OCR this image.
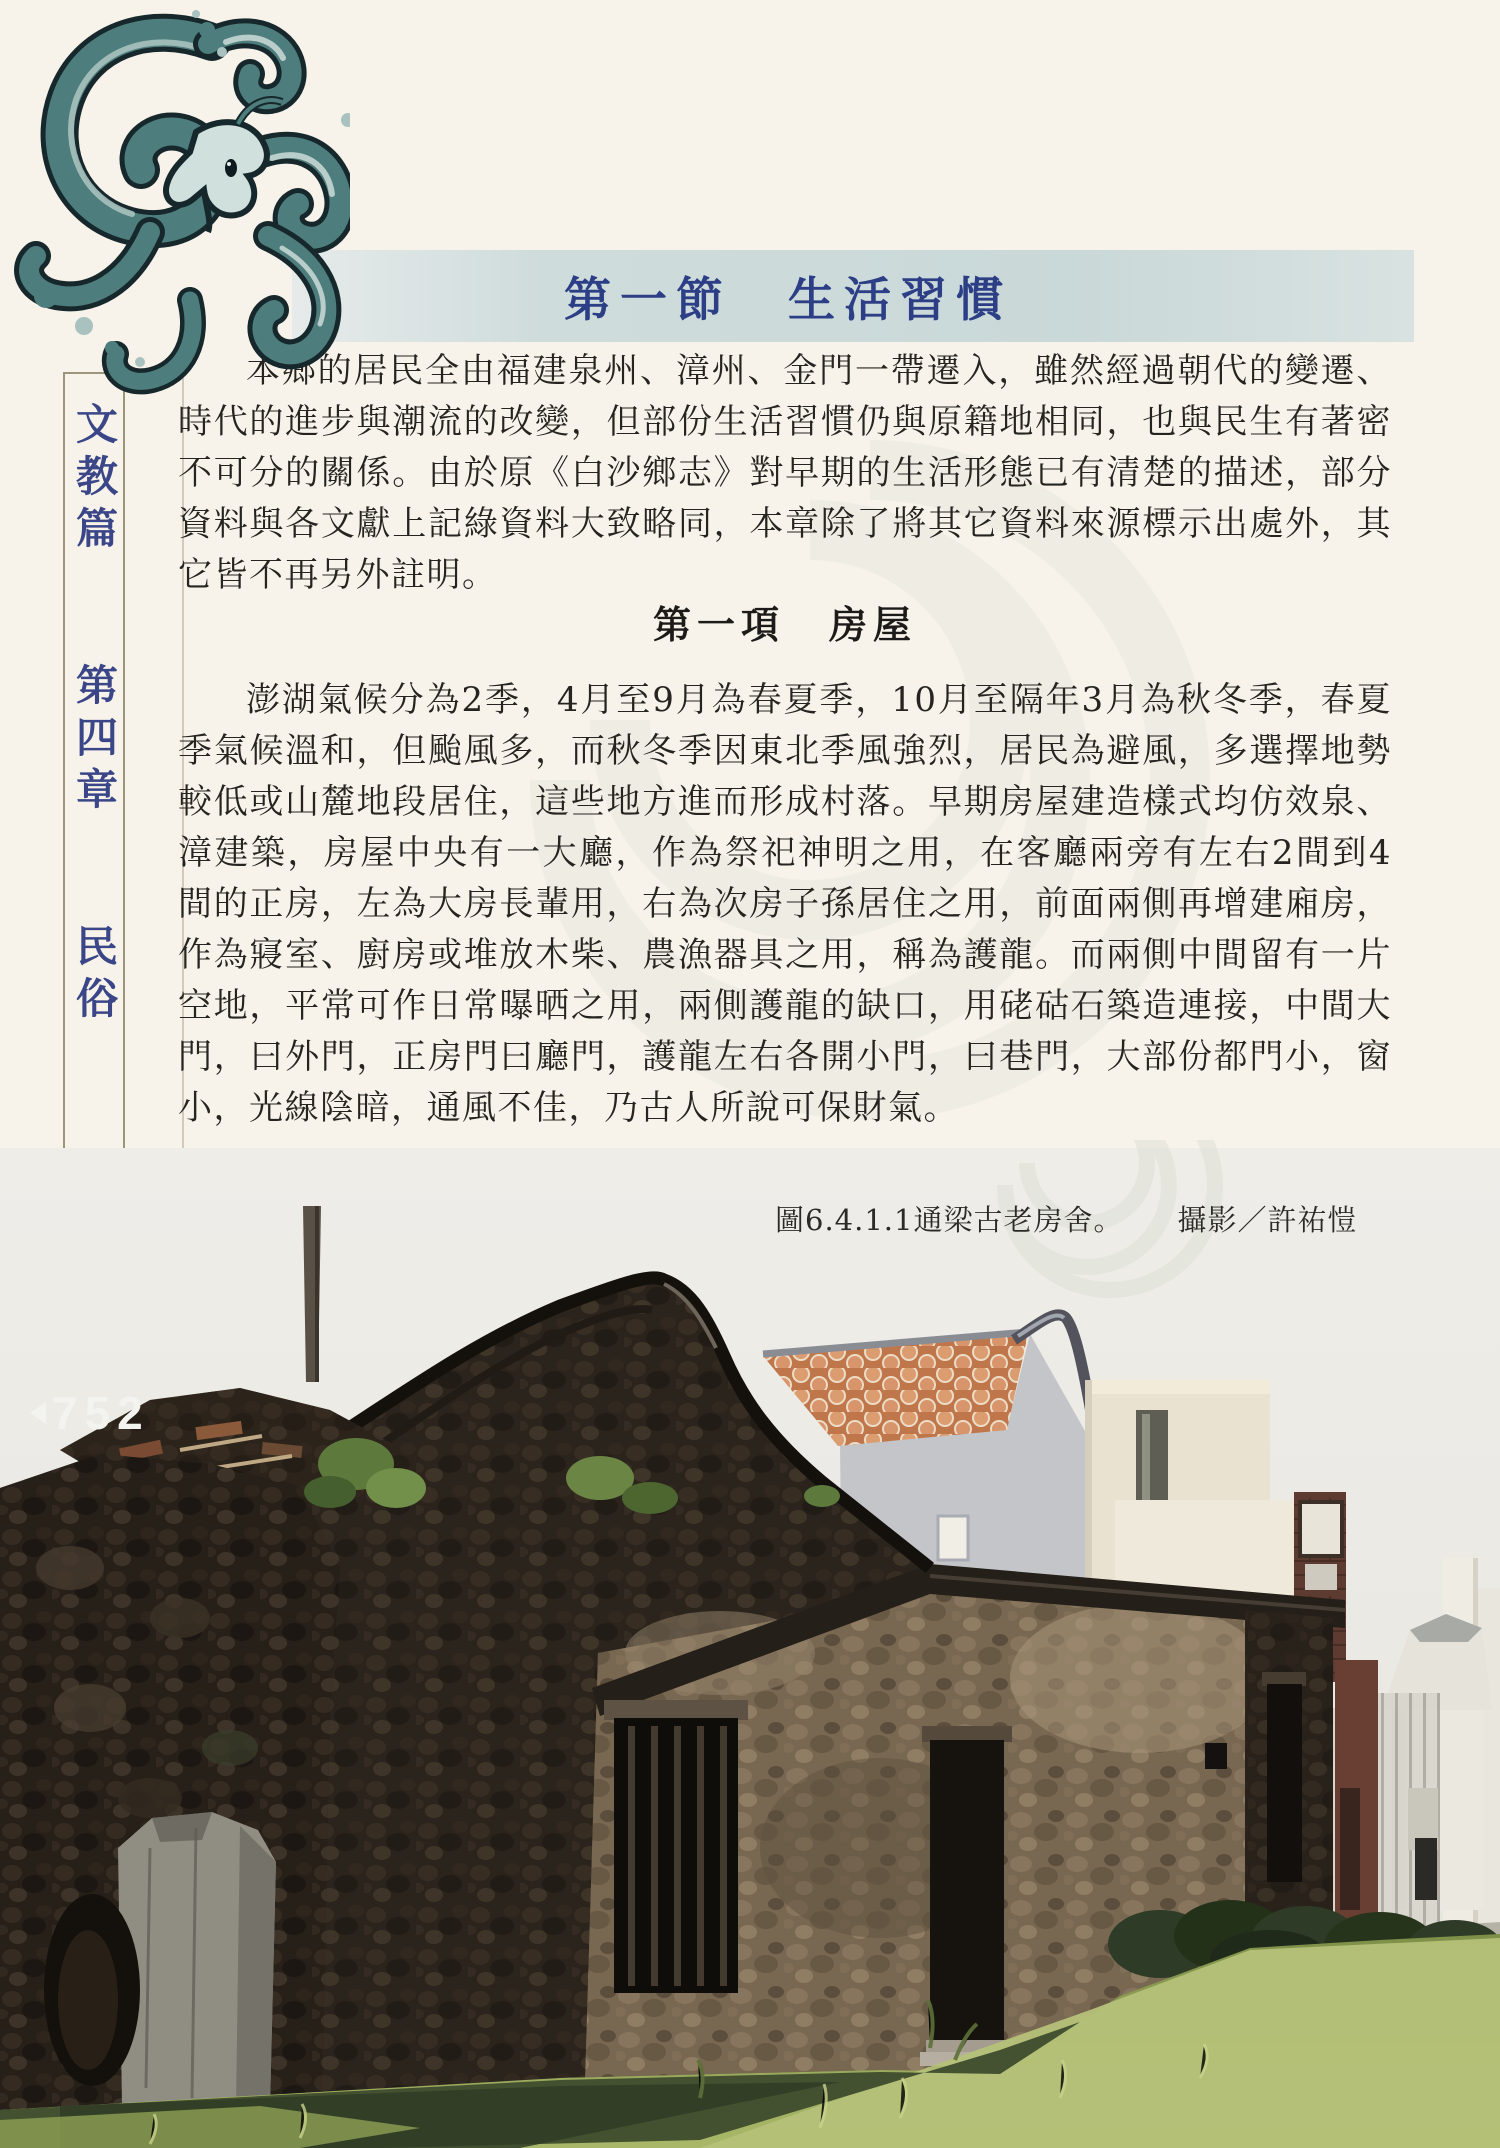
文教篇 第四章 民俗
第一節　生活習慣

本鄉的居民全由福建泉州、漳州、金門一帶遷入，雖然經過朝代的變遷、時代的進步與潮流的改變，但部份生活習慣仍與原籍地相同，也與民生有著密不可分的關係。由於原《白沙鄉志》對早期的生活形態已有清楚的描述，部分資料與各文獻上記綠資料大致略同，本章除了將其它資料來源標示出處外，其它皆不再另外註明。

第一項　房屋

澎湖氣候分為2季，4月至9月為春夏季，10月至隔年3月為秋冬季，春夏季氣候溫和，但颱風多，而秋冬季因東北季風強烈，居民為避風，多選擇地勢較低或山麓地段居住，這些地方進而形成村落。早期房屋建造樣式均仿效泉、漳建築，房屋中央有一大廳，作為祭祀神明之用，在客廳兩旁有左右2間到4間的正房，左為大房長輩用，右為次房子孫居住之用，前面兩側再增建廂房，作為寢室、廚房或堆放木柴、農漁器具之用，稱為護龍。而兩側中間留有一片空地，平常可作日常曝晒之用，兩側護龍的缺口，用硓𥑮石築造連接，中間大門，曰外門，正房門曰廳門，護龍左右各開小門，曰巷門，大部份都門小，窗小，光線陰暗，通風不佳，乃古人所說可保財氣。

圖6.4.1.1通梁古老房舍。 攝影／許祐愷
752
